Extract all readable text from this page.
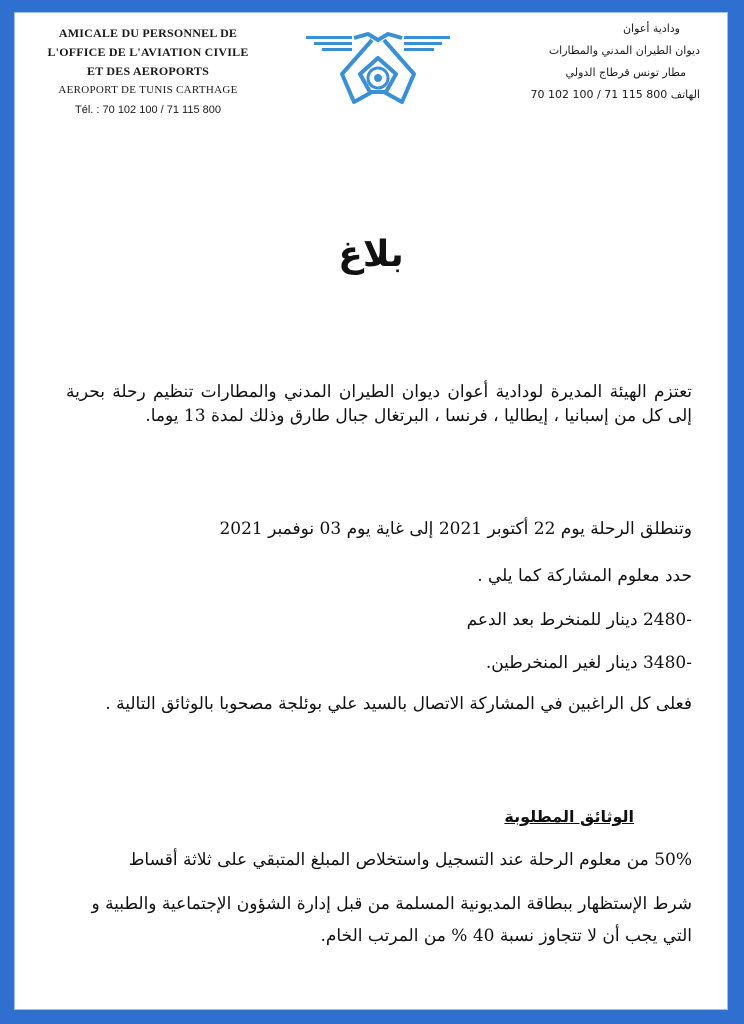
AMICALE DU PERSONNEL DE
L'OFFICE DE L'AVIATION CIVILE
ET DES AEROPORTS
AEROPORT DE TUNIS CARTHAGE
Tél. : 70 102 100 / 71 115 800
ودادية أعوان
ديوان الطيران المدني والمطارات
مطار تونس قرطاج الدولي
الهاتف 800 115 71 / 100 102 70
بلاغ
تعتزم الهيئة المديرة لودادية أعوان ديوان الطيران المدني والمطارات تنظيم رحلة بحرية إلى كل من إسبانيا ، إيطاليا ، فرنسا ، البرتغال جبال طارق وذلك لمدة 13 يوما.
وتنطلق الرحلة يوم 22 أكتوبر 2021 إلى غاية يوم 03 نوفمبر 2021
حدد معلوم المشاركة كما يلي .
-2480 دينار للمنخرط بعد الدعم
-3480 دينار لغير المنخرطين.
فعلى كل الراغبين في المشاركة الاتصال بالسيد علي بوئلجة مصحوبا بالوثائق التالية .
الوثائق المطلوبة
50% من معلوم الرحلة عند التسجيل واستخلاص المبلغ المتبقي على ثلاثة أقساط
شرط الإستظهار ببطاقة المديونية المسلمة من قبل إدارة الشؤون الإجتماعية والطبية و التي يجب أن لا تتجاوز نسبة 40 % من المرتب الخام.
